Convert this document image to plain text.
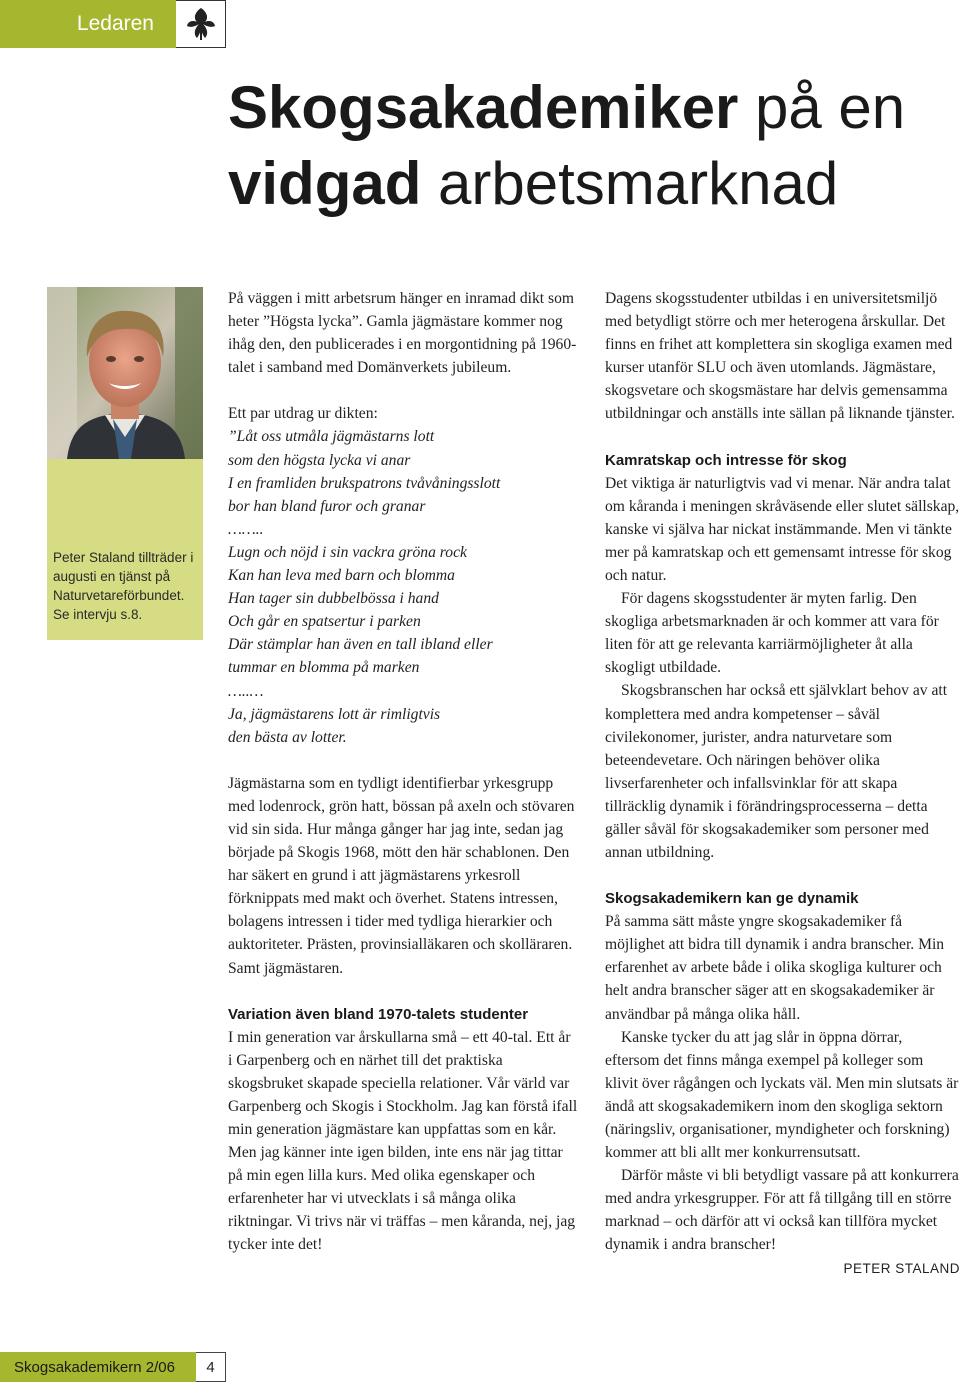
Ledaren
Skogsakademiker på en
vidgad arbetsmarknad
Peter Staland tillträder i augusti en tjänst på Naturvetareförbundet. Se intervju s.8.

På väggen i mitt arbetsrum hänger en inramad dikt som heter ”Högsta lycka”. Gamla jägmästare kommer nog ihåg den, den publicerades i en morgontidning på 1960-talet i samband med Domänverkets jubileum.

Ett par utdrag ur dikten:

”Låt oss utmåla jägmästarns lott

som den högsta lycka vi anar

I en framliden brukspatrons tvåvåningsslott

bor han bland furor och granar

……..

Lugn och nöjd i sin vackra gröna rock

Kan han leva med barn och blomma

Han tager sin dubbelbössa i hand

Och går en spatsertur i parken

Där stämplar han även en tall ibland eller

tummar en blomma på marken

…..…

Ja, jägmästarens lott är rimligtvis

den bästa av lotter.

Jägmästarna som en tydligt identifierbar yrkesgrupp med lodenrock, grön hatt, bössan på axeln och stövaren vid sin sida. Hur många gånger har jag inte, sedan jag började på Skogis 1968, mött den här schablonen. Den har säkert en grund i att jägmästarens yrkesroll förknippats med makt och överhet. Statens intressen, bolagens intressen i tider med tydliga hierarkier och auktoriteter. Prästen, provinsialläkaren och skolläraren. Samt jägmästaren.

Variation även bland 1970-talets studenter

I min generation var årskullarna små – ett 40-tal. Ett år i Garpenberg och en närhet till det praktiska skogsbruket skapade speciella relationer. Vår värld var Garpenberg och Skogis i Stockholm. Jag kan förstå ifall min generation jägmästare kan uppfattas som en kår. Men jag känner inte igen bilden, inte ens när jag tittar på min egen lilla kurs. Med olika egenskaper och erfarenheter har vi utvecklats i så många olika riktningar. Vi trivs när vi träffas – men kåranda, nej, jag tycker inte det!

Dagens skogsstudenter utbildas i en universitetsmiljö med betydligt större och mer heterogena årskullar. Det finns en frihet att komplettera sin skogliga examen med kurser utanför SLU och även utomlands. Jägmästare, skogsvetare och skogsmästare har delvis gemensamma utbildningar och anställs inte sällan på liknande tjänster.

Kamratskap och intresse för skog

Det viktiga är naturligtvis vad vi menar. När andra talat om kåranda i meningen skråväsende eller slutet sällskap, kanske vi själva har nickat instämmande. Men vi tänkte mer på kamratskap och ett gemensamt intresse för skog och natur.

För dagens skogsstudenter är myten farlig. Den skogliga arbetsmarknaden är och kommer att vara för liten för att ge relevanta karriärmöjligheter åt alla skogligt utbildade.

Skogsbranschen har också ett självklart behov av att komplettera med andra kompetenser – såväl civilekonomer, jurister, andra naturvetare som beteendevetare. Och näringen behöver olika livserfarenheter och infallsvinklar för att skapa tillräcklig dynamik i förändringsprocesserna – detta gäller såväl för skogsakademiker som personer med annan utbildning.

Skogsakademikern kan ge dynamik

På samma sätt måste yngre skogsakademiker få möjlighet att bidra till dynamik i andra branscher. Min erfarenhet av arbete både i olika skogliga kulturer och helt andra branscher säger att en skogsakademiker är användbar på många olika håll.

Kanske tycker du att jag slår in öppna dörrar, eftersom det finns många exempel på kolleger som klivit över rågången och lyckats väl. Men min slutsats är ändå att skogsakademikern inom den skogliga sektorn (näringsliv, organisationer, myndigheter och forskning) kommer att bli allt mer konkurrensutsatt.

Därför måste vi bli betydligt vassare på att konkurrera med andra yrkesgrupper. För att få tillgång till en större marknad – och därför att vi också kan tillföra mycket dynamik i andra branscher!

PETER STALAND

Skogsakademikern 2/06 4
